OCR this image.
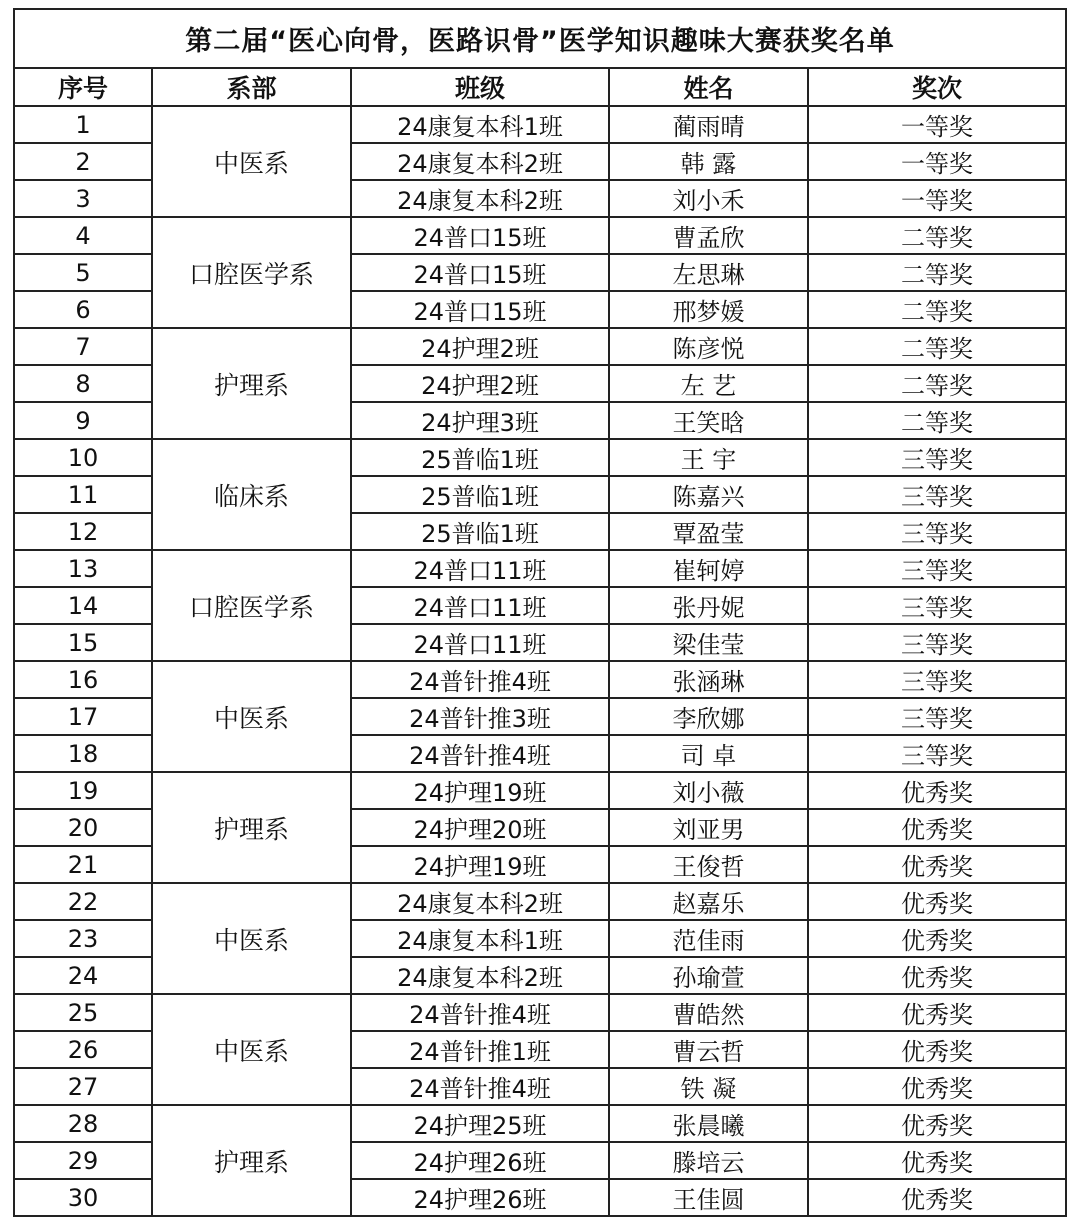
第二届“医心向骨，医路识骨”医学知识趣味大赛获奖名单				
序号	系部	班级	姓名	奖次
1	中医系	24康复本科1班	蔺雨晴	一等奖
2		24康复本科2班	韩 露	一等奖
3		24康复本科2班	刘小禾	一等奖
4	口腔医学系	24普口15班	曹孟欣	二等奖
5		24普口15班	左思琳	二等奖
6		24普口15班	邢梦媛	二等奖
7	护理系	24护理2班	陈彦悦	二等奖
8		24护理2班	左 艺	二等奖
9		24护理3班	王笑晗	二等奖
10	临床系	25普临1班	王 宇	三等奖
11		25普临1班	陈嘉兴	三等奖
12		25普临1班	覃盈莹	三等奖
13	口腔医学系	24普口11班	崔轲婷	三等奖
14		24普口11班	张丹妮	三等奖
15		24普口11班	梁佳莹	三等奖
16	中医系	24普针推4班	张涵琳	三等奖
17		24普针推3班	李欣娜	三等奖
18		24普针推4班	司 卓	三等奖
19	护理系	24护理19班	刘小薇	优秀奖
20		24护理20班	刘亚男	优秀奖
21		24护理19班	王俊哲	优秀奖
22	中医系	24康复本科2班	赵嘉乐	优秀奖
23		24康复本科1班	范佳雨	优秀奖
24		24康复本科2班	孙瑜萱	优秀奖
25	中医系	24普针推4班	曹皓然	优秀奖
26		24普针推1班	曹云哲	优秀奖
27		24普针推4班	铁 凝	优秀奖
28	护理系	24护理25班	张晨曦	优秀奖
29		24护理26班	滕培云	优秀奖
30		24护理26班	王佳圆	优秀奖
